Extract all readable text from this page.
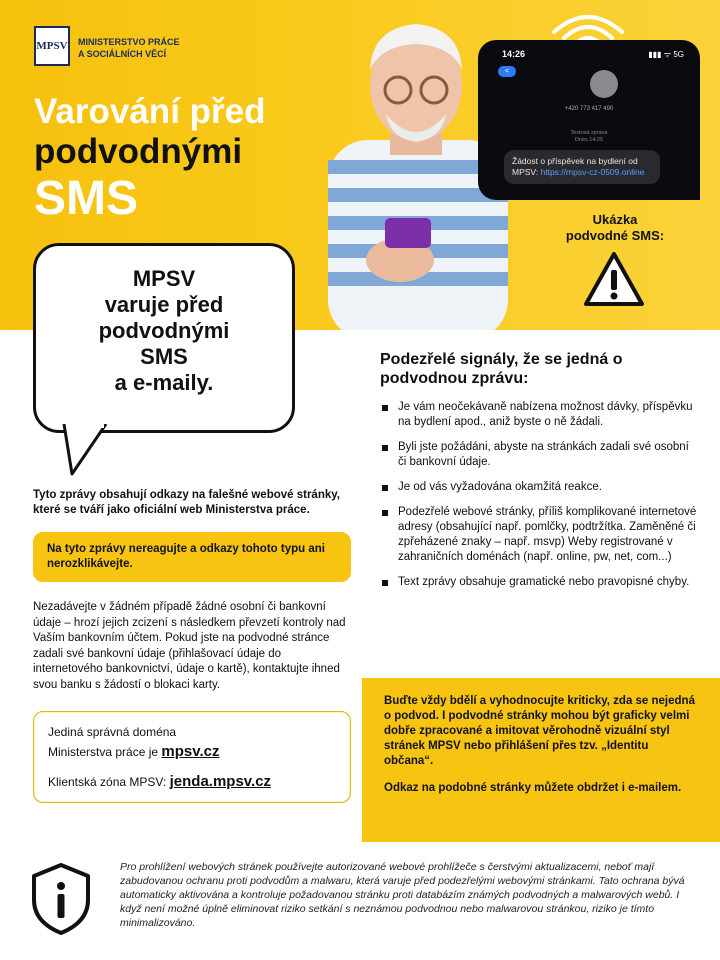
MPSV MINISTERSTVO PRÁCE
A SOCIÁLNÍCH VĚCÍ
Varování před
podvodnými
SMS
14:26	▮▮▮ ᯤ 5G
<
+420 773 417 490
Textová zpráva
Dnes 14:25
Žádost o příspěvek na bydlení od MPSV: https://mpsv-cz-0509.online
Ukázka
podvodné SMS:
MPSV
varuje před
podvodnými
SMS
a e-maily.

Tyto zprávy obsahují odkazy na falešné webové stránky, které se tváří jako oficiální web Ministerstva práce.

Na tyto zprávy nereagujte a odkazy tohoto typu ani nerozklikávejte.

Nezadávejte v žádném případě žádné osobní či bankovní údaje – hrozí jejich zcizení s následkem převzetí kontroly nad Vaším bankovním účtem. Pokud jste na podvodné stránce zadali své bankovní údaje (přihlašovací údaje do internetového bankovnictví, údaje o kartě), kontaktujte ihned svou banku s žádostí o blokaci karty.

Jediná správná doména
Ministerstva práce je mpsv.cz
Klientská zóna MPSV: jenda.mpsv.cz
Podezřelé signály, že se jedná o podvodnou zprávu:
Je vám neočekávaně nabízena možnost dávky, příspěvku na bydlení apod., aniž byste o ně žádali.
Byli jste požádáni, abyste na stránkách zadali své osobní či bankovní údaje.
Je od vás vyžadována okamžitá reakce.
Podezřelé webové stránky, příliš komplikované internetové adresy (obsahující např. pomlčky, podtržítka. Zaměněné či zpřeházené znaky – např. msvp) Weby registrované v zahraničních doménách (např. online, pw, net, com...)
Text zprávy obsahuje gramatické nebo pravopisné chyby.

Buďte vždy bdělí a vyhodnocujte kriticky, zda se nejedná o podvod. I podvodné stránky mohou být graficky velmi dobře zpracované a imitovat věrohodně vizuální styl stránek MPSV nebo přihlášení přes tzv. „Identitu občana“.

Odkaz na podobné stránky můžete obdržet i e-mailem.

Pro prohlížení webových stránek používejte autorizované webové prohlížeče s čerstvými aktualizacemi, neboť mají zabudovanou ochranu proti podvodům a malwaru, která varuje před podezřelými webovými stránkami. Tato ochrana bývá automaticky aktivována a kontroluje požadovanou stránku proti databázím známých podvodných a malwarových webů. I když není možné úplně eliminovat riziko setkání s neznámou podvodnou nebo malwarovou stránkou, riziko je tímto minimalizováno.
